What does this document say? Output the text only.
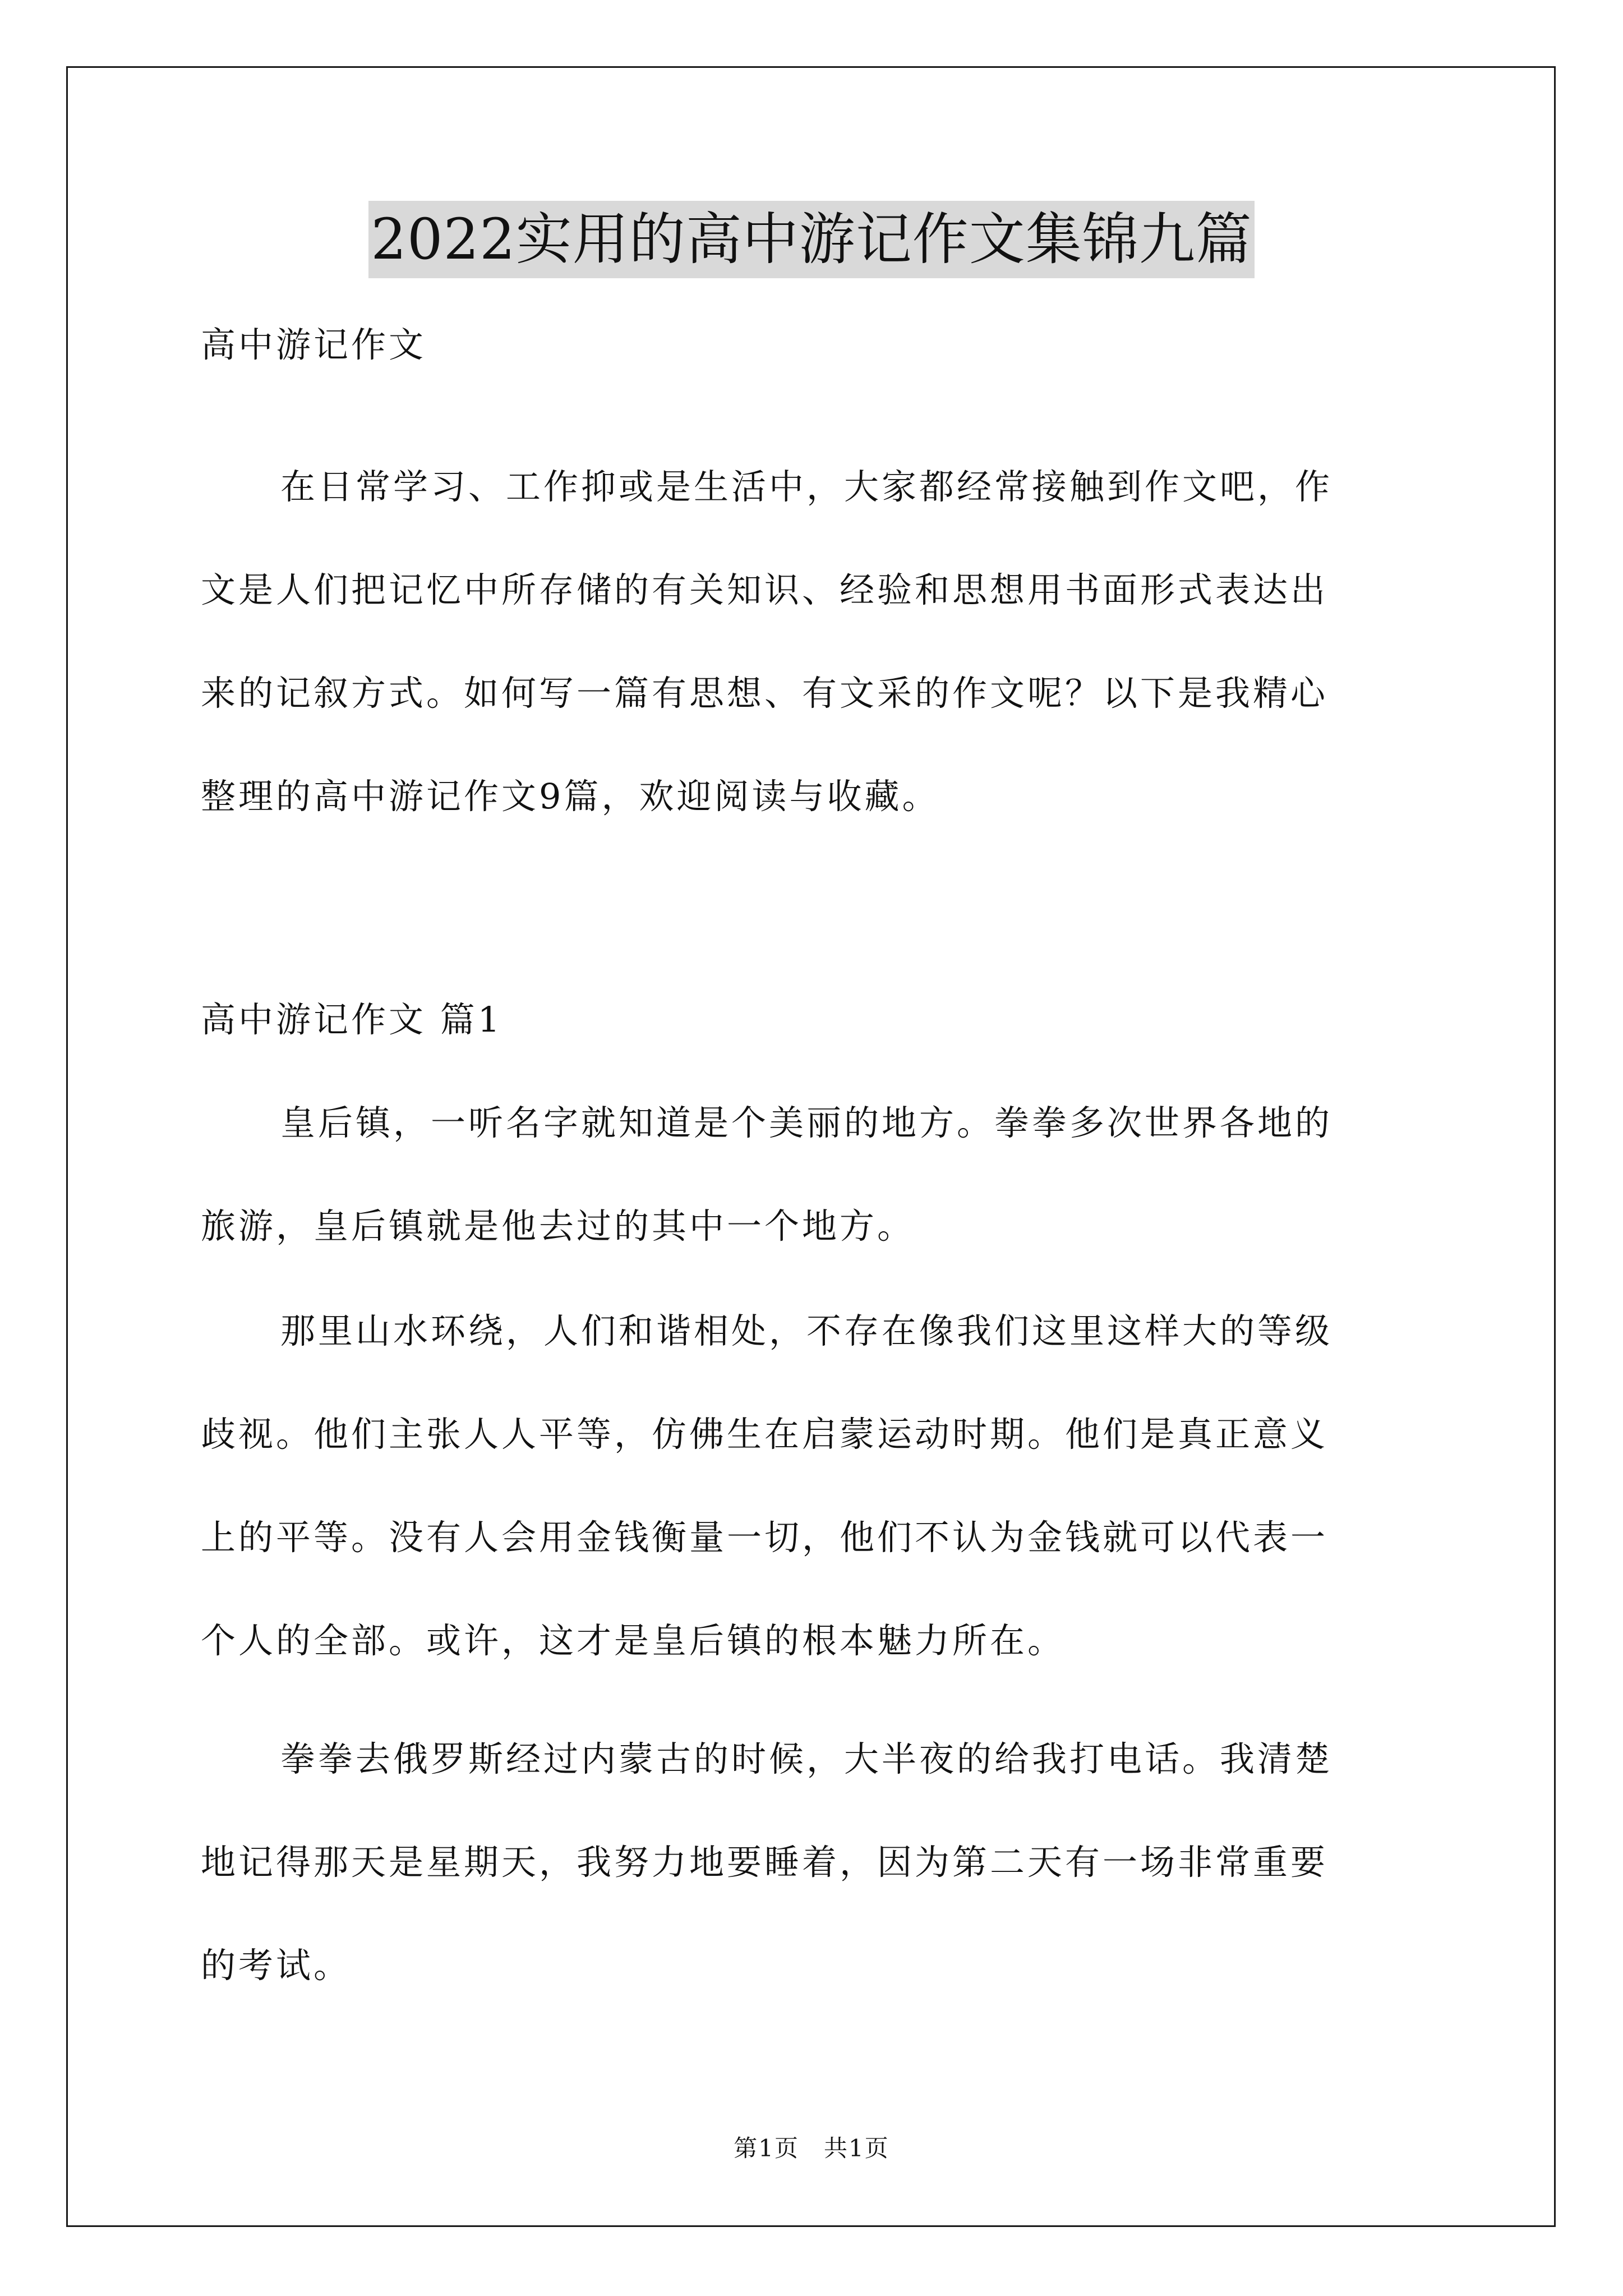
2022实用的高中游记作文集锦九篇
高中游记作文
在日常学习、工作抑或是生活中，大家都经常接触到作文吧，作
文是人们把记忆中所存储的有关知识、经验和思想用书面形式表达出
来的记叙方式。如何写一篇有思想、有文采的作文呢？以下是我精心
整理的高中游记作文9篇，欢迎阅读与收藏。
高中游记作文 篇1
皇后镇，一听名字就知道是个美丽的地方。拳拳多次世界各地的
旅游，皇后镇就是他去过的其中一个地方。
那里山水环绕，人们和谐相处，不存在像我们这里这样大的等级
歧视。他们主张人人平等，仿佛生在启蒙运动时期。他们是真正意义
上的平等。没有人会用金钱衡量一切，他们不认为金钱就可以代表一
个人的全部。或许，这才是皇后镇的根本魅力所在。
拳拳去俄罗斯经过内蒙古的时候，大半夜的给我打电话。我清楚
地记得那天是星期天，我努力地要睡着，因为第二天有一场非常重要
的考试。
第1页　共1页
